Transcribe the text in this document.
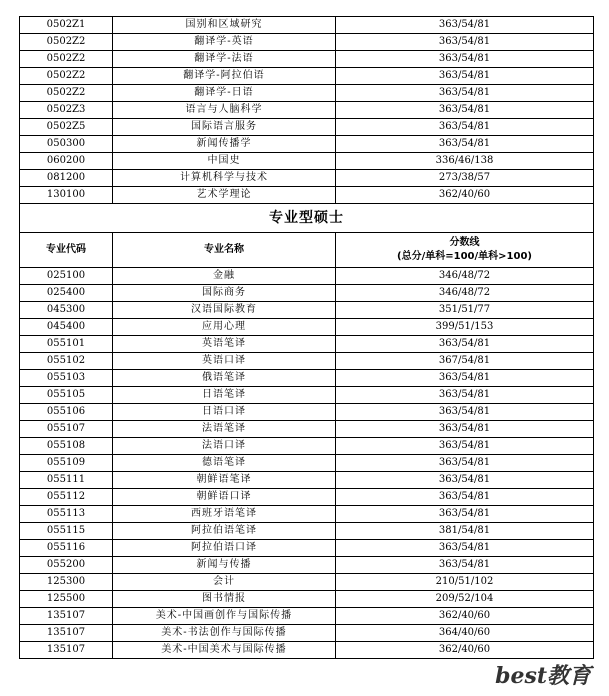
0502Z1	国别和区域研究	363/54/81
0502Z2	翻译学-英语	363/54/81
0502Z2	翻译学-法语	363/54/81
0502Z2	翻译学-阿拉伯语	363/54/81
0502Z2	翻译学-日语	363/54/81
0502Z3	语言与人脑科学	363/54/81
0502Z5	国际语言服务	363/54/81
050300	新闻传播学	363/54/81
060200	中国史	336/46/138
081200	计算机科学与技术	273/38/57
130100	艺术学理论	362/40/60
专业型硕士		
专业代码	专业名称	分数线
(总分/单科=100/单科>100)

025100	金融	346/48/72
025400	国际商务	346/48/72
045300	汉语国际教育	351/51/77
045400	应用心理	399/51/153
055101	英语笔译	363/54/81
055102	英语口译	367/54/81
055103	俄语笔译	363/54/81
055105	日语笔译	363/54/81
055106	日语口译	363/54/81
055107	法语笔译	363/54/81
055108	法语口译	363/54/81
055109	德语笔译	363/54/81
055111	朝鲜语笔译	363/54/81
055112	朝鲜语口译	363/54/81
055113	西班牙语笔译	363/54/81
055115	阿拉伯语笔译	381/54/81
055116	阿拉伯语口译	363/54/81
055200	新闻与传播	363/54/81
125300	会计	210/51/102
125500	图书情报	209/52/104
135107	美术-中国画创作与国际传播	362/40/60
135107	美术-书法创作与国际传播	364/40/60
135107	美术-中国美术与国际传播	362/40/60
best教育
